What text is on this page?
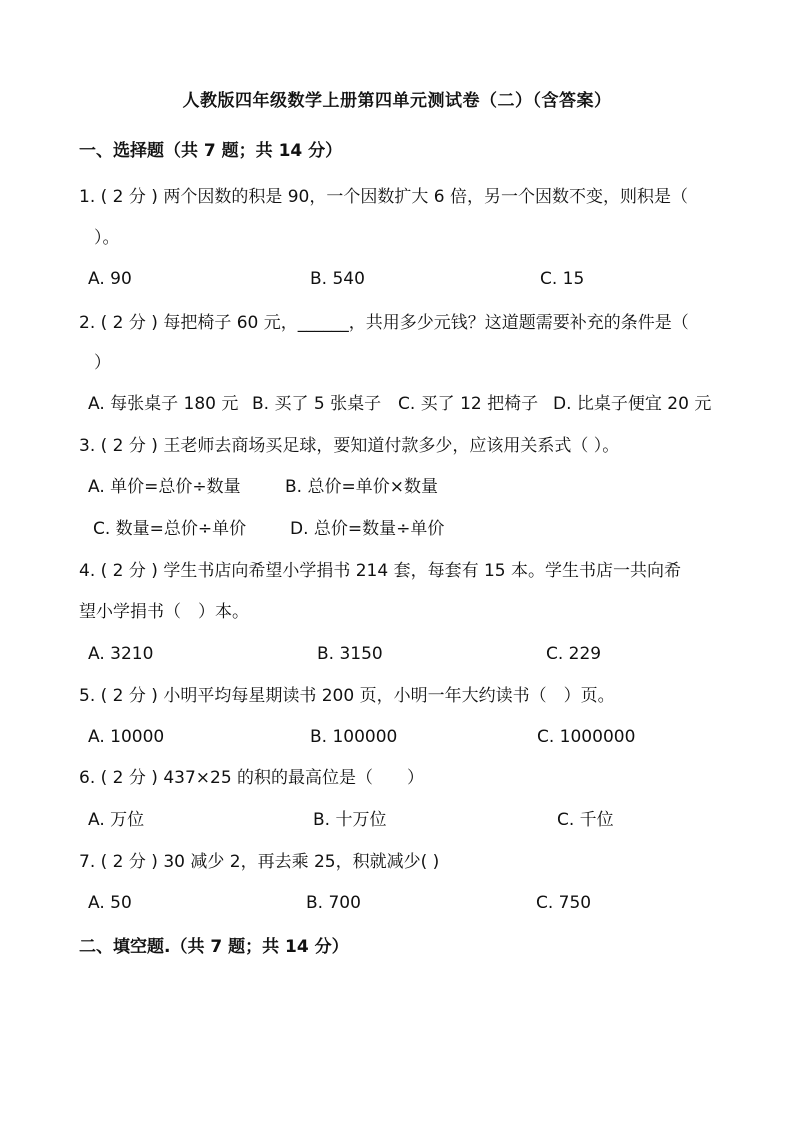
人教版四年级数学上册第四单元测试卷（二）（含答案）
一、选择题（共 7 题；共 14 分）
1. ( 2 分 ) 两个因数的积是 90，一个因数扩大 6 倍，另一个因数不变，则积是（
）。
A. 90	B. 540	C. 15
2. ( 2 分 ) 每把椅子 60 元，______，共用多少元钱？这道题需要补充的条件是（
）
A. 每张桌子 180 元 B. 买了 5 张桌子 C. 买了 12 把椅子 D. 比桌子便宜 20 元
3. ( 2 分 ) 王老师去商场买足球，要知道付款多少，应该用关系式（ ）。
A. 单价=总价÷数量	B. 总价=单价×数量
C. 数量=总价÷单价	D. 总价=数量÷单价
4. ( 2 分 ) 学生书店向希望小学捐书 214 套，每套有 15 本。学生书店一共向希
望小学捐书（　）本。
A. 3210	B. 3150	C. 229
5. ( 2 分 ) 小明平均每星期读书 200 页，小明一年大约读书（　）页。
A. 10000	B. 100000	C. 1000000
6. ( 2 分 ) 437×25 的积的最高位是（　　）
A. 万位	B. 十万位	C. 千位
7. ( 2 分 ) 30 减少 2，再去乘 25，积就减少( )
A. 50	B. 700	C. 750
二、填空题.（共 7 题；共 14 分）
